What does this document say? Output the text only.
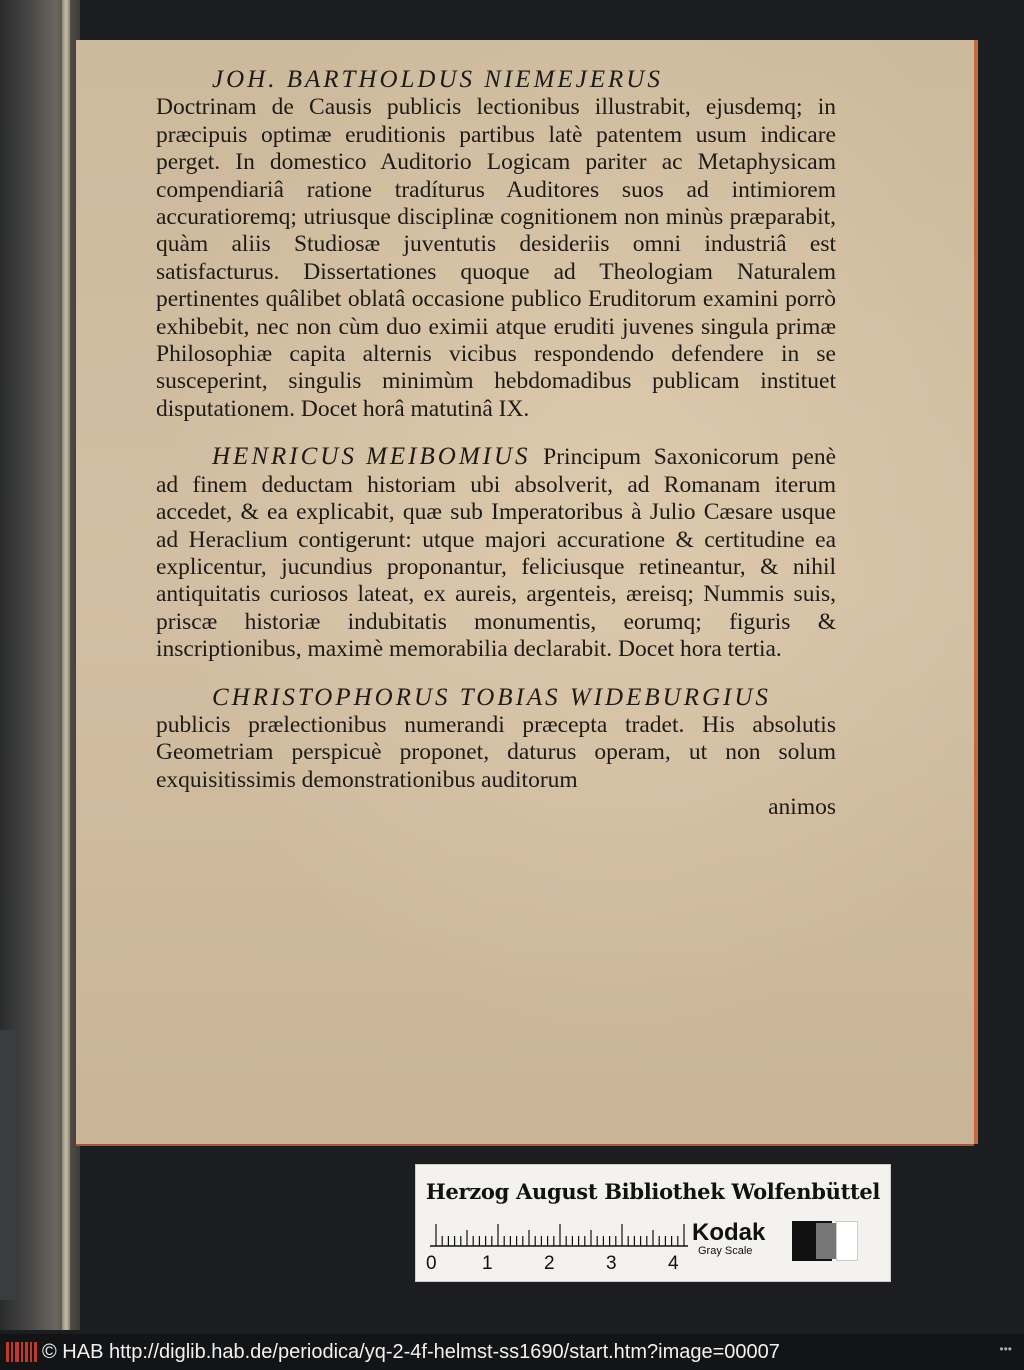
JOH. BARTHOLDUS NIEMEJERUS
Doctrinam de Causis publicis lectionibus illustrabit, ejusdemq; in præcipuis optimæ eruditionis partibus latè patentem usum indicare perget. In domestico Auditorio Logicam pariter ac Metaphysicam compendiariâ ratione tradíturus Auditores suos ad intimiorem accuratioremq; utriusque disciplinæ cognitionem non minùs præparabit, quàm aliis Studiosæ juventutis desideriis omni industriâ est satisfacturus. Dissertationes quoque ad Theologiam Naturalem pertinentes quâlibet oblatâ occasione publico Eruditorum examini porrò exhibebit, nec non cùm duo eximii atque eruditi juvenes singula primæ Philosophiæ capita alternis vicibus respondendo defendere in se susceperint, singulis minimùm hebdomadibus publicam instituet disputationem. Docet horâ matutinâ IX.

HENRICUS MEIBOMIUS Principum Saxonicorum penè ad finem deductam historiam ubi absolverit, ad Romanam iterum accedet, & ea explicabit, quæ sub Imperatoribus à Julio Cæsare usque ad Heraclium contigerunt: utque majori accuratione & certitudine ea explicentur, jucundius proponantur, feliciusque retineantur, & nihil antiquitatis curiosos lateat, ex aureis, argenteis, æreisq; Nummis suis, priscæ historiæ indubitatis monumentis, eorumq; figuris & inscriptionibus, maximè memorabilia declarabit. Docet hora tertia.

CHRISTOPHORUS TOBIAS WIDEBURGIUS
publicis prælectionibus numerandi præcepta tradet. His absolutis Geometriam perspicuè proponet, daturus operam, ut non solum exquisitissimis demonstrationibus auditorum

animos
Herzog August Bibliothek Wolfenbüttel
0 1	2	3	4
Kodak
Gray Scale
© HAB http://diglib.hab.de/periodica/yq-2-4f-helmst-ss1690/start.htm?image=00007	•••
